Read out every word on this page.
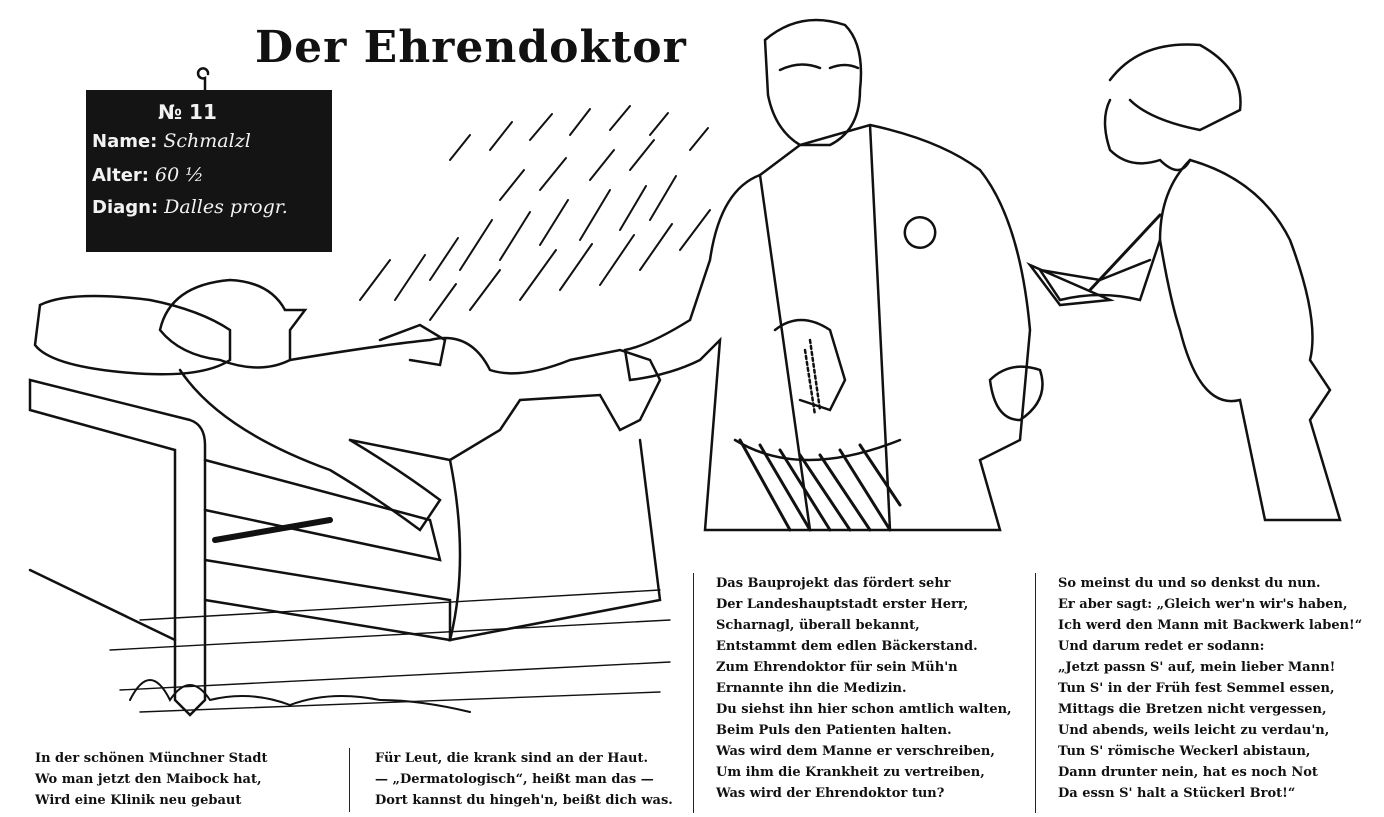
Der Ehrendoktor
№ 11
Name: Schmalzl
Alter: 60 ½
Diagn: Dalles progr.
In der schönen Münchner Stadt
Wo man jetzt den Maibock hat,
Wird eine Klinik neu gebaut
Für Leut, die krank sind an der Haut.
— „Dermatologisch“, heißt man das —
Dort kannst du hingeh'n, beißt dich was.
Das Bauprojekt das fördert sehr
Der Landeshauptstadt erster Herr,
Scharnagl, überall bekannt,
Entstammt dem edlen Bäckerstand.
Zum Ehrendoktor für sein Müh'n
Ernannte ihn die Medizin.
Du siehst ihn hier schon amtlich walten,
Beim Puls den Patienten halten.
Was wird dem Manne er verschreiben,
Um ihm die Krankheit zu vertreiben,
Was wird der Ehrendoktor tun?
So meinst du und so denkst du nun.
Er aber sagt: „Gleich wer'n wir's haben,
Ich werd den Mann mit Backwerk laben!“
Und darum redet er sodann:
„Jetzt passn S' auf, mein lieber Mann!
Tun S' in der Früh fest Semmel essen,
Mittags die Bretzen nicht vergessen,
Und abends, weils leicht zu verdau'n,
Tun S' römische Weckerl abistaun,
Dann drunter nein, hat es noch Not
Da essn S' halt a Stückerl Brot!“
